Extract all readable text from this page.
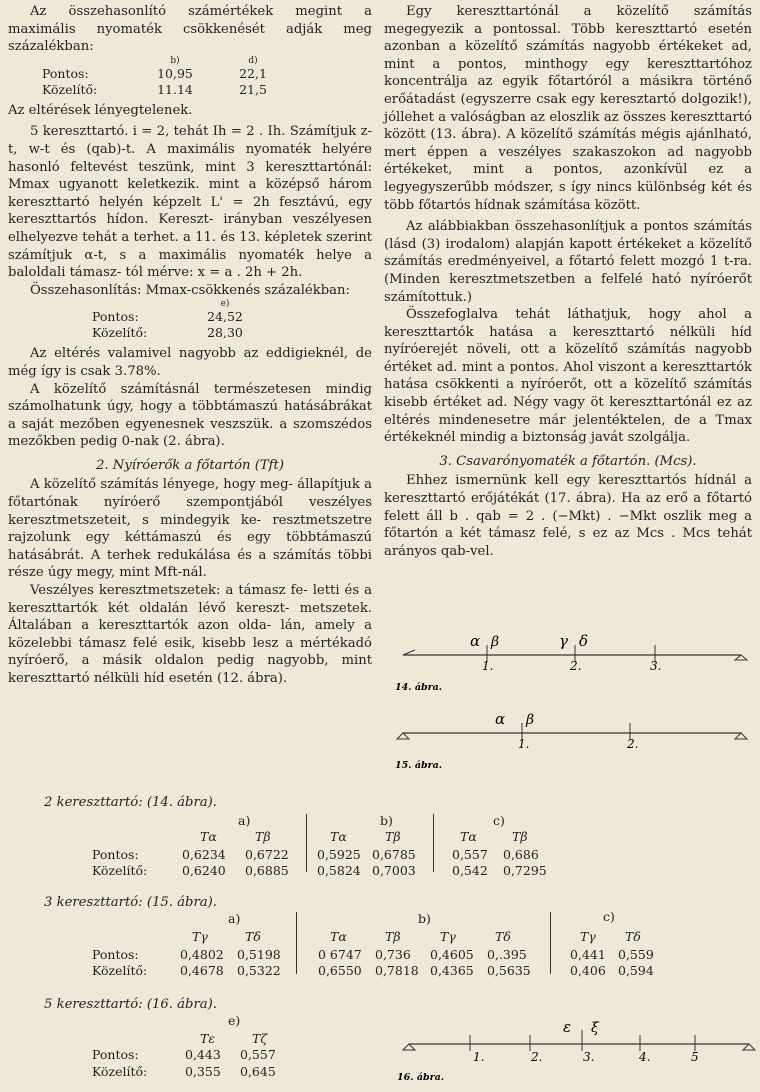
Az összehasonlító számértékek megint a maximális nyomaték csökkenését adják meg százalékban:

	b)	d)
Pontos:	10,95	22,1
Közelítő:	11.14	21,5

Az eltérések lényegtelenek.

5 kereszttartó. i = 2, tehát Ih = 2 . Ih. Számítjuk z-t, w-t és (qab)-t. A maximális nyomaték helyére hasonló feltevést teszünk, mint 3 kereszttartónál: Mmax ugyanott keletkezik. mint a középső három kereszttartó helyén képzelt L' = 2h fesztávú, egy kereszttartós hídon. Kereszt- irányban veszélyesen elhelyezve tehát a terhet. a 11. és 13. képletek szerint számítjuk α-t, s a maximális nyomaték helye a baloldali támasz- tól mérve: x = a . 2h + 2h.

Összehasonlítás: Mmax-csökkenés százalékban:

	e)
Pontos:	24,52
Közelítő:	28,30

Az eltérés valamivel nagyobb az eddigieknél, de még így is csak 3.78%.

A közelítő számításnál természetesen mindig számolhatunk úgy, hogy a többtámaszú hatásábrákat a saját mezőben egyenesnek veszszük. a szomszédos mezőkben pedig 0-nak (2. ábra).

2. Nyíróerők a főtartón (Tft)

A közelítő számítás lényege, hogy meg- állapítjuk a főtartónak nyíróerő szempontjából veszélyes keresztmetszeteit, s mindegyik ke- resztmetszetre rajzolunk egy kéttámaszú és egy többtámaszú hatásábrát. A terhek redukálása és a számítás többi része úgy megy, mint Mft-nál.

Veszélyes keresztmetszetek: a támasz fe- letti és a kereszttartók két oldalán lévő kereszt- metszetek. Általában a kereszttartók azon olda- lán, amely a közelebbi támasz felé esik, kisebb lesz a mértékadó nyíróerő, a másik oldalon pedig nagyobb, mint kereszttartó nélküli híd esetén (12. ábra).

Egy kereszttartónál a közelítő számítás megegyezik a pontossal. Több kereszttartó esetén azonban a közelítő számítás nagyobb értékeket ad, mint a pontos, minthogy egy kereszttartóhoz koncentrálja az egyik főtartóról a másikra történő erőátadást (egyszerre csak egy keresztartó dolgozik!), jóllehet a valóságban az eloszlik az összes kereszttartó között (13. ábra). A közelítő számítás mégis ajánlható, mert éppen a veszélyes szakaszokon ad nagyobb értékeket, mint a pontos, azonkívül ez a legyegyszerűbb módszer, s így nincs különbség két és több főtartós hídnak számítása között.

Az alábbiakban összehasonlítjuk a pontos számítás (lásd (3) irodalom) alapján kapott értékeket a közelítő számítás eredményeivel, a főtartó felett mozgó 1 t-ra. (Minden keresztmetszetben a felfelé ható nyíróerőt számítottuk.)

Összefoglalva tehát láthatjuk, hogy ahol a kereszttartók hatása a kereszttartó nélküli híd nyíróerejét növeli, ott a közelítő számítás nagyobb értéket ad. mint a pontos. Ahol viszont a kereszttartók hatása csökkenti a nyíróerőt, ott a közelítő számítás kisebb értéket ad. Négy vagy öt kereszttartónál ez az eltérés mindenesetre már jelentéktelen, de a Tmax értékeknél mindig a biztonság javát szolgálja.

3. Csavarónyomaték a főtartón. (Mcs).

Ehhez ismernünk kell egy kereszttartós hídnál a kereszttartó erőjátékát (17. ábra). Ha az erő a főtartó felett áll b . qab = 2 . (−Mkt) . −Mkt oszlik meg a főtartón a két támasz felé, s ez az Mcs . Mcs tehát arányos qab-vel.

α β	γ δ
1.	2.	3.
14. ábra.
α β
1.	2.
15. ábra.
2 kereszttartó: (14. ábra).
a)	b)	c)
Tα	Tβ	Tα	Tβ	Tα	Tβ
Pontos:	0,6234 0,6722 0,5925 0,6785	0,557 0,686
Közelítő:	0,6240 0,6885 0,5824 0,7003	0,542 0,7295
3 kereszttartó: (15. ábra).
a)	b)	c)
Tγ	Tδ	Tα	Tβ	Tγ	Tδ	Tγ Tδ
Pontos:	0,4802 0,5198	0 6747 0,736 0,4605 0,.395	0,441 0,559
Közelítő:	0,4678 0,5322	0,6550 0,7818 0,4365 0,5635	0,406 0,594
5 kereszttartó: (16. ábra).
e)
Tε	Tζ
Pontos:	0,443 0,557
Közelítő:	0,355 0,645
ε ξ
1.	2.	3.	4.	5
16. ábra.
